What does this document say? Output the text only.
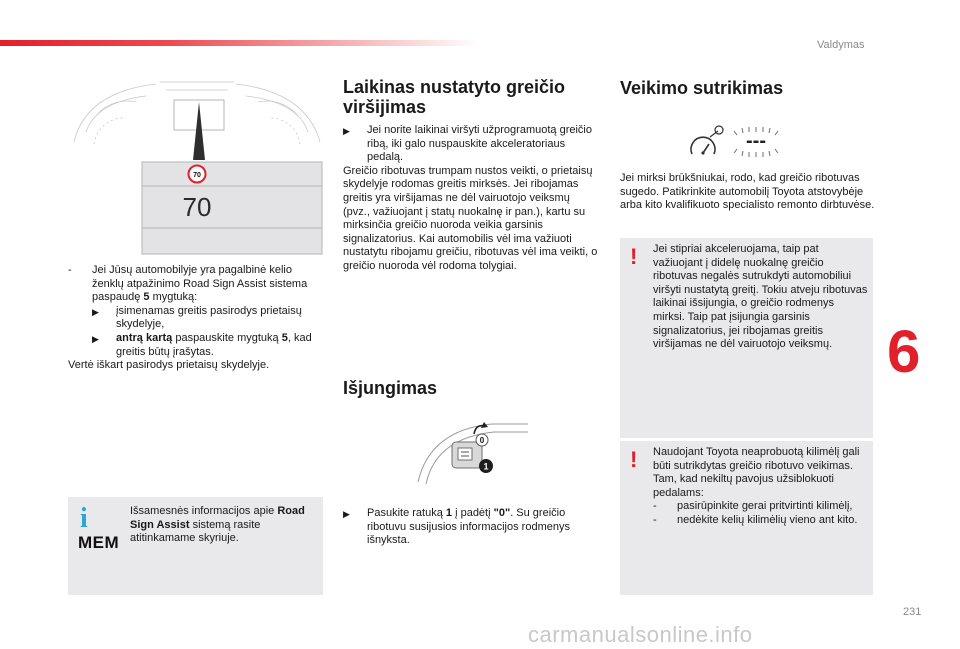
Valdymas
6
231
70
70
- Jei Jūsų automobilyje yra pagalbinė kelio ženklų atpažinimo Road Sign Assist sistema paspaudę 5 mygtuką:
▶ įsimenamas greitis pasirodys prietaisų skydelyje,
▶ antrą kartą paspauskite mygtuką 5, kad greitis būtų įrašytas.
Vertė iškart pasirodys prietaisų skydelyje.
i
MEM
Išsamesnės informacijos apie Road Sign Assist sistemą rasite atitinkamame skyriuje.
Laikinas nustatyto greičio viršijimas
▶ Jei norite laikinai viršyti užprogramuotą greičio ribą, iki galo nuspauskite akceleratoriaus pedalą.
Greičio ribotuvas trumpam nustos veikti, o prietaisų skydelyje rodomas greitis mirksės. Jei ribojamas greitis yra viršijamas ne dėl vairuotojo veiksmų (pvz., važiuojant į statų nuokalnę ir pan.), kartu su mirksinčia greičio nuoroda veikia garsinis signalizatorius. Kai automobilis vėl ima važiuoti nustatytu ribojamu greičiu, ribotuvas vėl ima veikti, o greičio nuoroda vėl rodoma tolygiai.
Išjungimas
0
1
▶ Pasukite ratuką 1 į padėtį "0". Su greičio ribotuvu susijusios informacijos rodmenys išnyksta.
Veikimo sutrikimas
---
Jei mirksi brūkšniukai, rodo, kad greičio ribotuvas sugedo. Patikrinkite automobilį Toyota atstovybėje arba kito kvalifikuoto specialisto remonto dirbtuvėse.
! Jei stipriai akceleruojama, taip pat važiuojant į didelę nuokalnę greičio ribotuvas negalės sutrukdyti automobiliui viršyti nustatytą greitį. Tokiu atveju ribotuvas laikinai išsijungia, o greičio rodmenys mirksi. Taip pat įsijungia garsinis signalizatorius, jei ribojamas greitis viršijamas ne dėl vairuotojo veiksmų.
! Naudojant Toyota neaprobuotą kilimėlį gali būti sutrikdytas greičio ribotuvo veikimas. Tam, kad nekiltų pavojus užsiblokuoti pedalams:
- pasirūpinkite gerai pritvirtinti kilimėlį,
- nedėkite kelių kilimėlių vieno ant kito.
carmanualsonline.info
